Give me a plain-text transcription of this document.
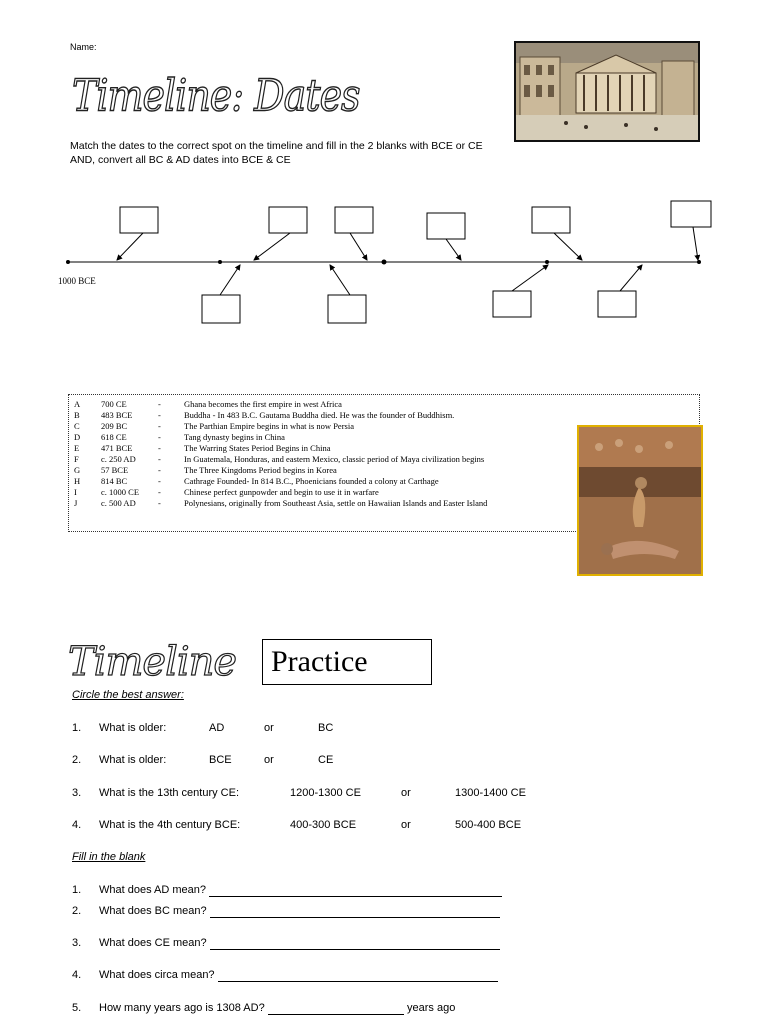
Name:
Timeline: Dates
Match the dates to the correct spot on the timeline and fill in the 2 blanks with BCE or CE
AND, convert all BC & AD dates into BCE & CE
1000 BCE
A 700 CE	-	Ghana becomes the first empire in west Africa
B	483 BCE	-	Buddha - In 483 B.C. Gautama Buddha died. He was the founder of Buddhism.
C	209 BC	-	The Parthian Empire begins in what is now Persia
D 618 CE	-	Tang dynasty begins in China
E	471 BCE	-	The Warring States Period Begins in China
F	c. 250 AD	-	In Guatemala, Honduras, and eastern Mexico, classic period of Maya civilization begins
G 57 BCE	-	The Three Kingdoms Period begins in Korea
H 814 BC	-	Cathrage Founded- In 814 B.C., Phoenicians founded a colony at Carthage
I	c. 1000 CE -	Chinese perfect gunpowder and begin to use it in warfare
J	c. 500 AD	-	Polynesians, originally from Southeast Asia, settle on Hawaiian Islands and Easter Island
Timeline	Practice
Circle the best answer:
1. What is older:	AD	or	BC
2. What is older:	BCE	or	CE
3. What is the 13th century CE:	1200-1300 CE	or	1300-1400 CE
4. What is the 4th century BCE:	400-300 BCE	or	500-400 BCE
Fill in the blank
1. What does AD mean?
2. What does BC mean?
3. What does CE mean?
4. What does circa mean?
5. How many years ago is 1308 AD?	years ago
